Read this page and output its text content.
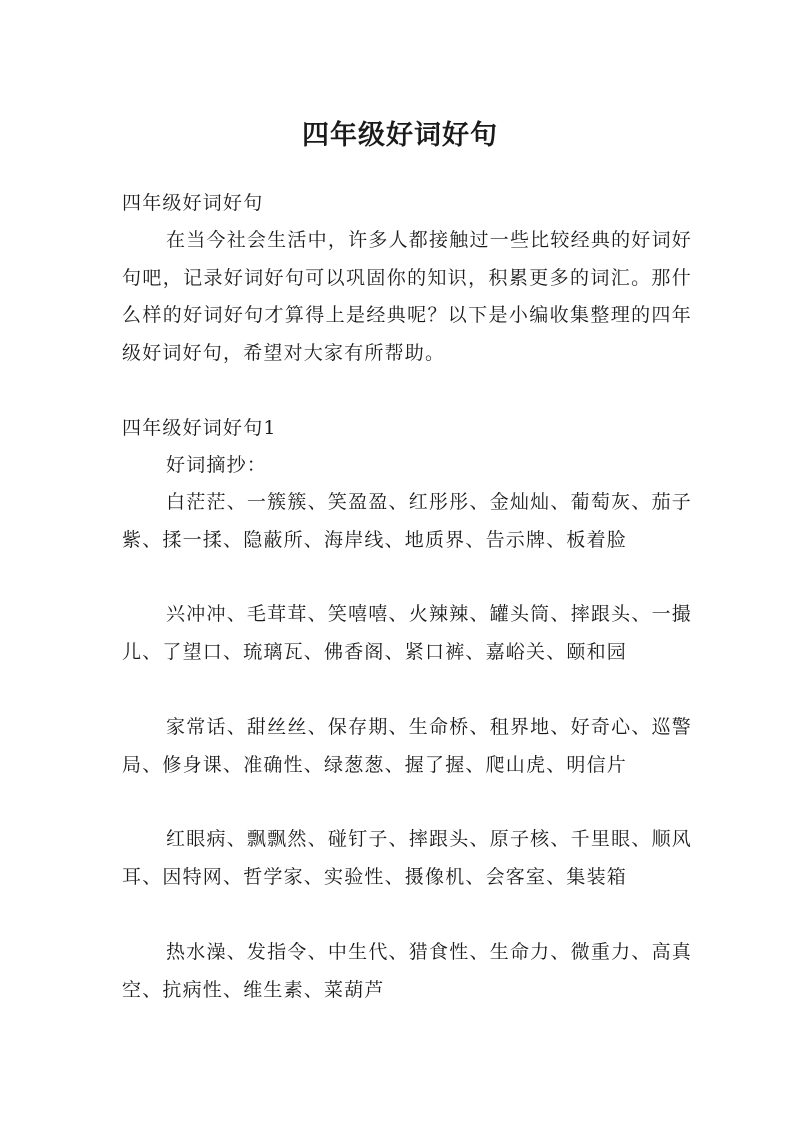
四年级好词好句

四年级好词好句

在当今社会生活中，许多人都接触过一些比较经典的好词好句吧，记录好词好句可以巩固你的知识，积累更多的词汇。那什么样的好词好句才算得上是经典呢？以下是小编收集整理的四年级好词好句，希望对大家有所帮助。

四年级好词好句1

好词摘抄：

白茫茫、一簇簇、笑盈盈、红彤彤、金灿灿、葡萄灰、茄子紫、揉一揉、隐蔽所、海岸线、地质界、告示牌、板着脸

兴冲冲、毛茸茸、笑嘻嘻、火辣辣、罐头筒、摔跟头、一撮儿、了望口、琉璃瓦、佛香阁、紧口裤、嘉峪关、颐和园

家常话、甜丝丝、保存期、生命桥、租界地、好奇心、巡警局、修身课、准确性、绿葱葱、握了握、爬山虎、明信片

红眼病、飘飘然、碰钉子、摔跟头、原子核、千里眼、顺风耳、因特网、哲学家、实验性、摄像机、会客室、集装箱

热水澡、发指令、中生代、猎食性、生命力、微重力、高真空、抗病性、维生素、菜葫芦
